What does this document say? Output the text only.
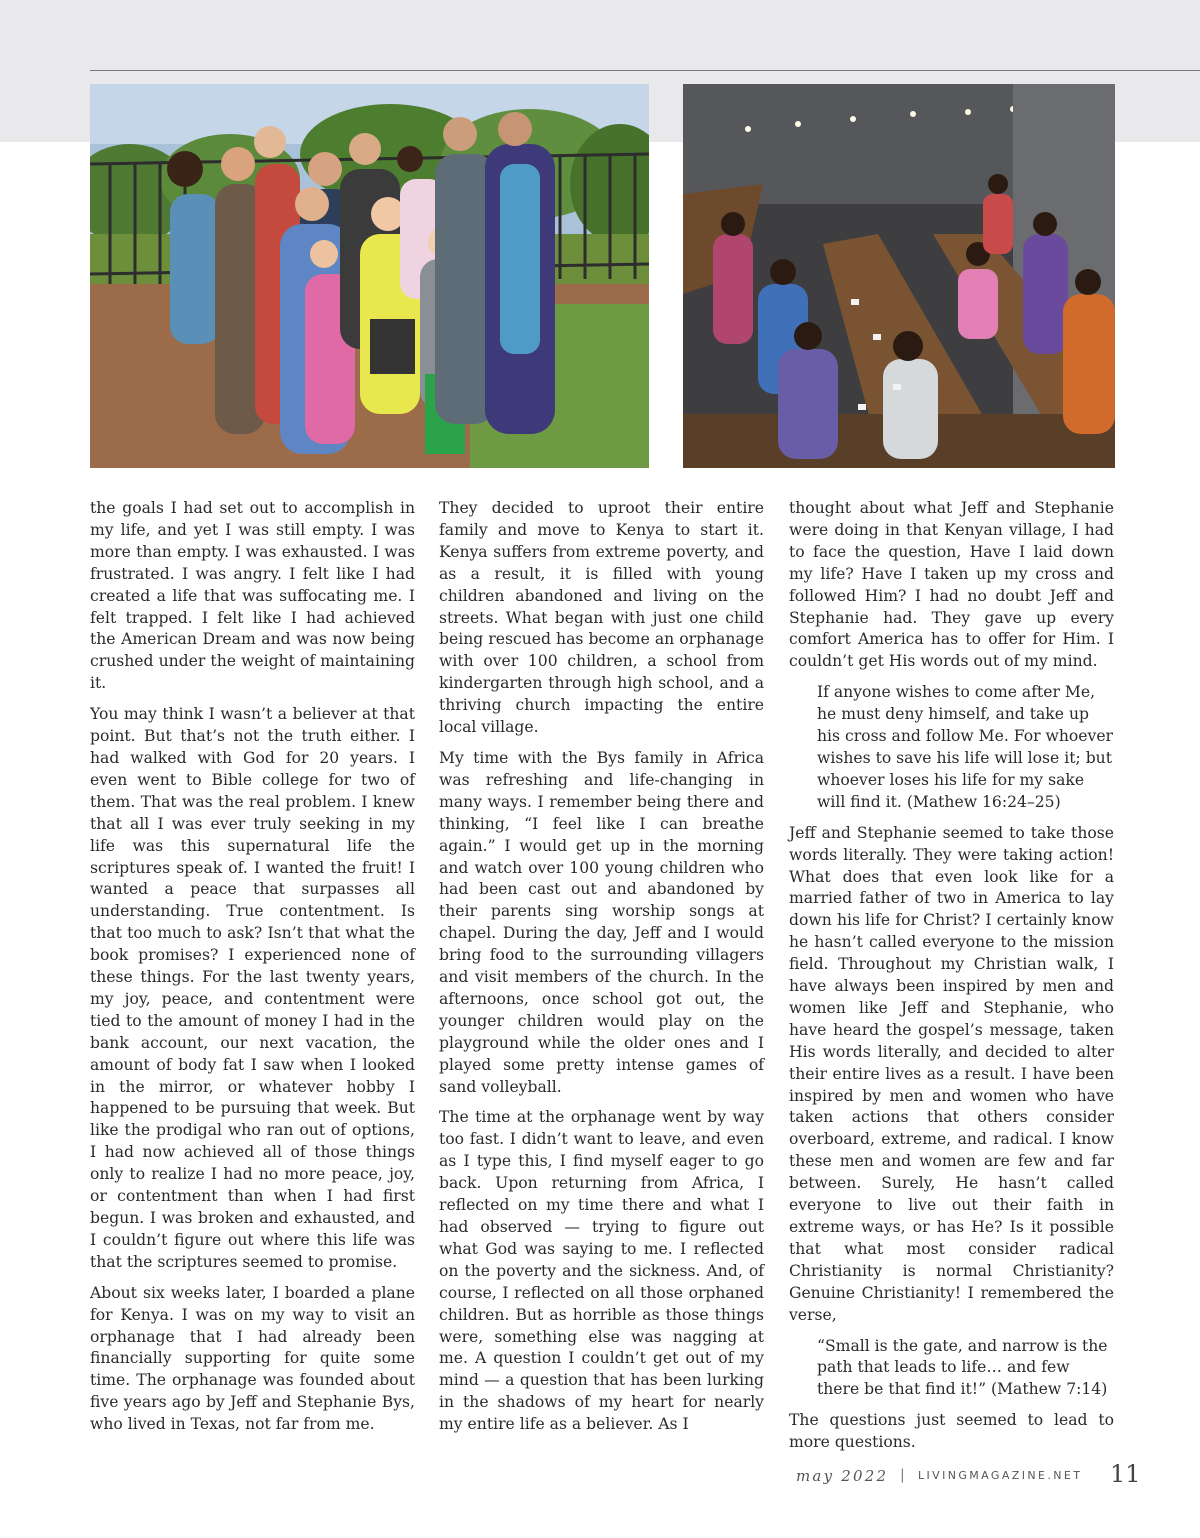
the goals I had set out to accomplish in my life, and yet I was still empty. I was more than empty. I was exhausted. I was frustrated. I was angry. I felt like I had created a life that was suffocating me. I felt trapped. I felt like I had achieved the American Dream and was now being crushed under the weight of maintaining it.

You may think I wasn’t a believer at that point. But that’s not the truth either. I had walked with God for 20 years. I even went to Bible college for two of them. That was the real problem. I knew that all I was ever truly seeking in my life was this supernatural life the scriptures speak of. I wanted the fruit! I wanted a peace that surpasses all understanding. True contentment. Is that too much to ask? Isn’t that what the book promises? I experienced none of these things. For the last twenty years, my joy, peace, and contentment were tied to the amount of money I had in the bank account, our next vacation, the amount of body fat I saw when I looked in the mirror, or whatever hobby I happened to be pursuing that week. But like the prodigal who ran out of options, I had now achieved all of those things only to realize I had no more peace, joy, or contentment than when I had first begun. I was broken and exhausted, and I couldn’t figure out where this life was that the scriptures seemed to promise.

About six weeks later, I boarded a plane for Kenya. I was on my way to visit an orphanage that I had already been financially supporting for quite some time. The orphanage was founded about five years ago by Jeff and Stephanie Bys, who lived in Texas, not far from me.

They decided to uproot their entire family and move to Kenya to start it. Kenya suffers from extreme poverty, and as a result, it is filled with young children abandoned and living on the streets. What began with just one child being rescued has become an orphanage with over 100 children, a school from kindergarten through high school, and a thriving church impacting the entire local village.

My time with the Bys family in Africa was refreshing and life-changing in many ways. I remember being there and thinking, “I feel like I can breathe again.” I would get up in the morning and watch over 100 young children who had been cast out and abandoned by their parents sing worship songs at chapel. During the day, Jeff and I would bring food to the surrounding villagers and visit members of the church. In the afternoons, once school got out, the younger children would play on the playground while the older ones and I played some pretty intense games of sand volleyball.

The time at the orphanage went by way too fast. I didn’t want to leave, and even as I type this, I find myself eager to go back. Upon returning from Africa, I reflected on my time there and what I had observed — trying to figure out what God was saying to me. I reflected on the poverty and the sickness. And, of course, I reflected on all those orphaned children. But as horrible as those things were, something else was nagging at me. A question I couldn’t get out of my mind — a question that has been lurking in the shadows of my heart for nearly my entire life as a believer. As I

thought about what Jeff and Stephanie were doing in that Kenyan village, I had to face the question, Have I laid down my life? Have I taken up my cross and followed Him? I had no doubt Jeff and Stephanie had. They gave up every comfort America has to offer for Him. I couldn’t get His words out of my mind.

If anyone wishes to come after Me, he must deny himself, and take up his cross and follow Me. For whoever wishes to save his life will lose it; but whoever loses his life for my sake will find it. (Mathew 16:24–25)

Jeff and Stephanie seemed to take those words literally. They were taking action! What does that even look like for a married father of two in America to lay down his life for Christ? I certainly know he hasn’t called everyone to the mission field. Throughout my Christian walk, I have always been inspired by men and women like Jeff and Stephanie, who have heard the gospel’s message, taken His words literally, and decided to alter their entire lives as a result. I have been inspired by men and women who have taken actions that others consider overboard, extreme, and radical. I know these men and women are few and far between. Surely, He hasn’t called everyone to live out their faith in extreme ways, or has He? Is it possible that what most consider radical Christianity is normal Christianity? Genuine Christianity! I remembered the verse,

“Small is the gate, and narrow is the path that leads to life… and few there be that find it!” (Mathew 7:14)

The questions just seemed to lead to more questions.

may 2022 | LIVINGMAGAZINE.NET 11
